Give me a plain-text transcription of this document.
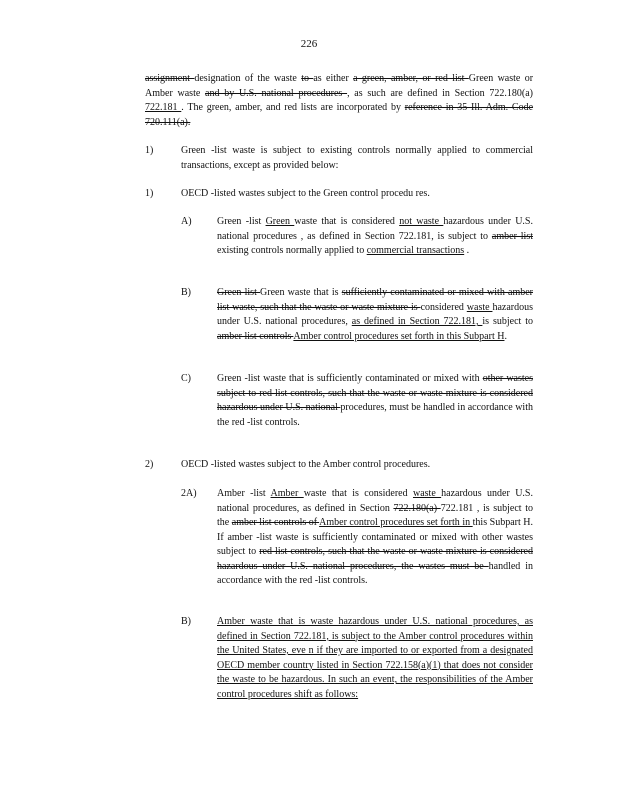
226
assignment designation of the waste to as either a green, amber, or red list Green waste or Amber waste and by U.S. national procedures , as such are defined in Section 722.180(a) 722.181 . The green, amber, and red lists are incorporated by reference in 35 Ill. Adm. Code 720.111(a).
1)	Green -list waste is subject to existing controls normally applied to commercial transactions, except as provided below:
1)	OECD -listed wastes subject to the Green control procedu res.
A)	Green -list Green waste that is considered not waste hazardous under U.S. national procedures , as defined in Section 722.181, is subject to amber list existing controls normally applied to commercial transactions .
B)	Green list Green waste that is sufficiently contaminated or mixed with amber list waste, such that the waste or waste mixture is considered waste hazardous under U.S. national procedures, as defined in Section 722.181, is subject to amber list controls Amber control procedures set forth in this Subpart H.
C)	Green -list waste that is sufficiently contaminated or mixed with other wastes subject to red list controls, such that the waste or waste mixture is considered hazardous under U.S. national procedures, must be handled in accordance with the red -list controls.
2)	OECD -listed wastes subject to the Amber control procedures.
2A) Amber -list Amber waste that is considered waste hazardous under U.S. national procedures, as defined in Section 722.180(a) 722.181 , is subject to the amber list controls of Amber control procedures set forth in this Subpart H. If amber -list waste is sufficiently contaminated or mixed with other wastes subject to red list controls, such that the waste or waste mixture is considered hazardous under U.S. national procedures, the wastes must be handled in accordance with the red -list controls.
B)	Amber waste that is waste hazardous under U.S. national procedures, as defined in Section 722.181, is subject to the Amber control procedures within the United States, eve n if they are imported to or exported from a designated OECD member country listed in Section 722.158(a)(1) that does not consider the waste to be hazardous. In such an event, the responsibilities of the Amber control procedures shift as follows:
